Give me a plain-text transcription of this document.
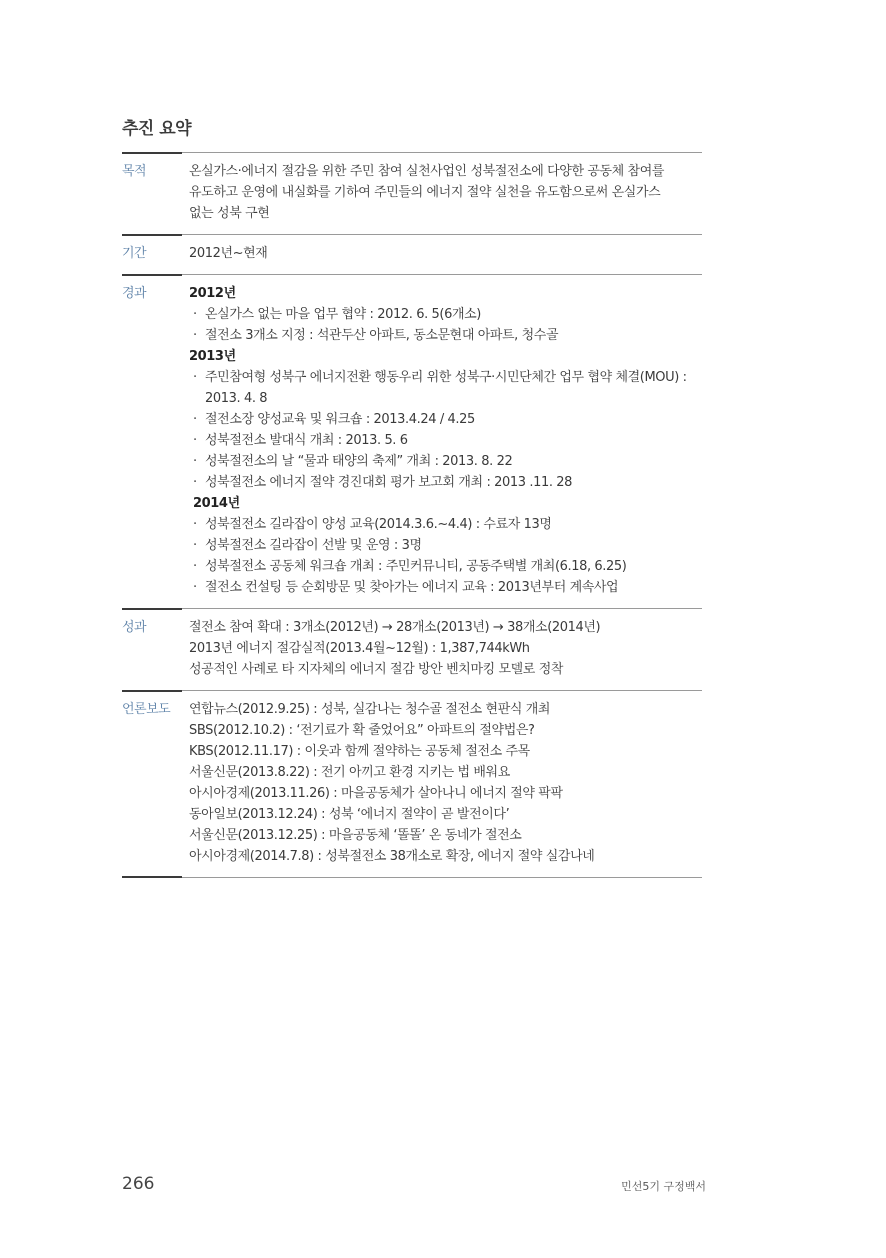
추진 요약
목적	온실가스·에너지 절감을 위한 주민 참여 실천사업인 성북절전소에 다양한 공동체 참여를
유도하고 운영에 내실화를 기하여 주민들의 에너지 절약 실천을 유도함으로써 온실가스
없는 성북 구현
기간	2012년~현재
경과	2012년
· 온실가스 없는 마을 업무 협약 : 2012. 6. 5(6개소)
· 절전소 3개소 지정 : 석관두산 아파트, 동소문현대 아파트, 청수골
2013년
· 주민참여형 성북구 에너지전환 행동우리 위한 성북구·시민단체간 업무 협약 체결(MOU) :
2013. 4. 8
· 절전소장 양성교육 및 워크숍 : 2013.4.24 / 4.25
· 성북절전소 발대식 개최 : 2013. 5. 6
· 성북절전소의 날 “물과 태양의 축제” 개최 : 2013. 8. 22
· 성북절전소 에너지 절약 경진대회 평가 보고회 개최 : 2013 .11. 28
2014년
· 성북절전소 길라잡이 양성 교육(2014.3.6.~4.4) : 수료자 13명
· 성북절전소 길라잡이 선발 및 운영 : 3명
· 성북절전소 공동체 워크숍 개최 : 주민커뮤니티, 공동주택별 개최(6.18, 6.25)
· 절전소 컨설팅 등 순회방문 및 찾아가는 에너지 교육 : 2013년부터 계속사업
성과	절전소 참여 확대 : 3개소(2012년) → 28개소(2013년) → 38개소(2014년)
2013년 에너지 절감실적(2013.4월~12월) : 1,387,744kWh
성공적인 사례로 타 지자체의 에너지 절감 방안 벤치마킹 모델로 정착
언론보도	연합뉴스(2012.9.25) : 성북, 실감나는 청수골 절전소 현판식 개최
SBS(2012.10.2) : ‘전기료가 확 줄었어요” 아파트의 절약법은?
KBS(2012.11.17) : 이웃과 함께 절약하는 공동체 절전소 주목
서울신문(2013.8.22) : 전기 아끼고 환경 지키는 법 배워요
아시아경제(2013.11.26) : 마을공동체가 살아나니 에너지 절약 팍팍
동아일보(2013.12.24) : 성북 ‘에너지 절약이 곧 발전이다’
서울신문(2013.12.25) : 마을공동체 ‘똘똘’ 온 동네가 절전소
아시아경제(2014.7.8) : 성북절전소 38개소로 확장, 에너지 절약 실감나네
266	민선5기 구정백서
